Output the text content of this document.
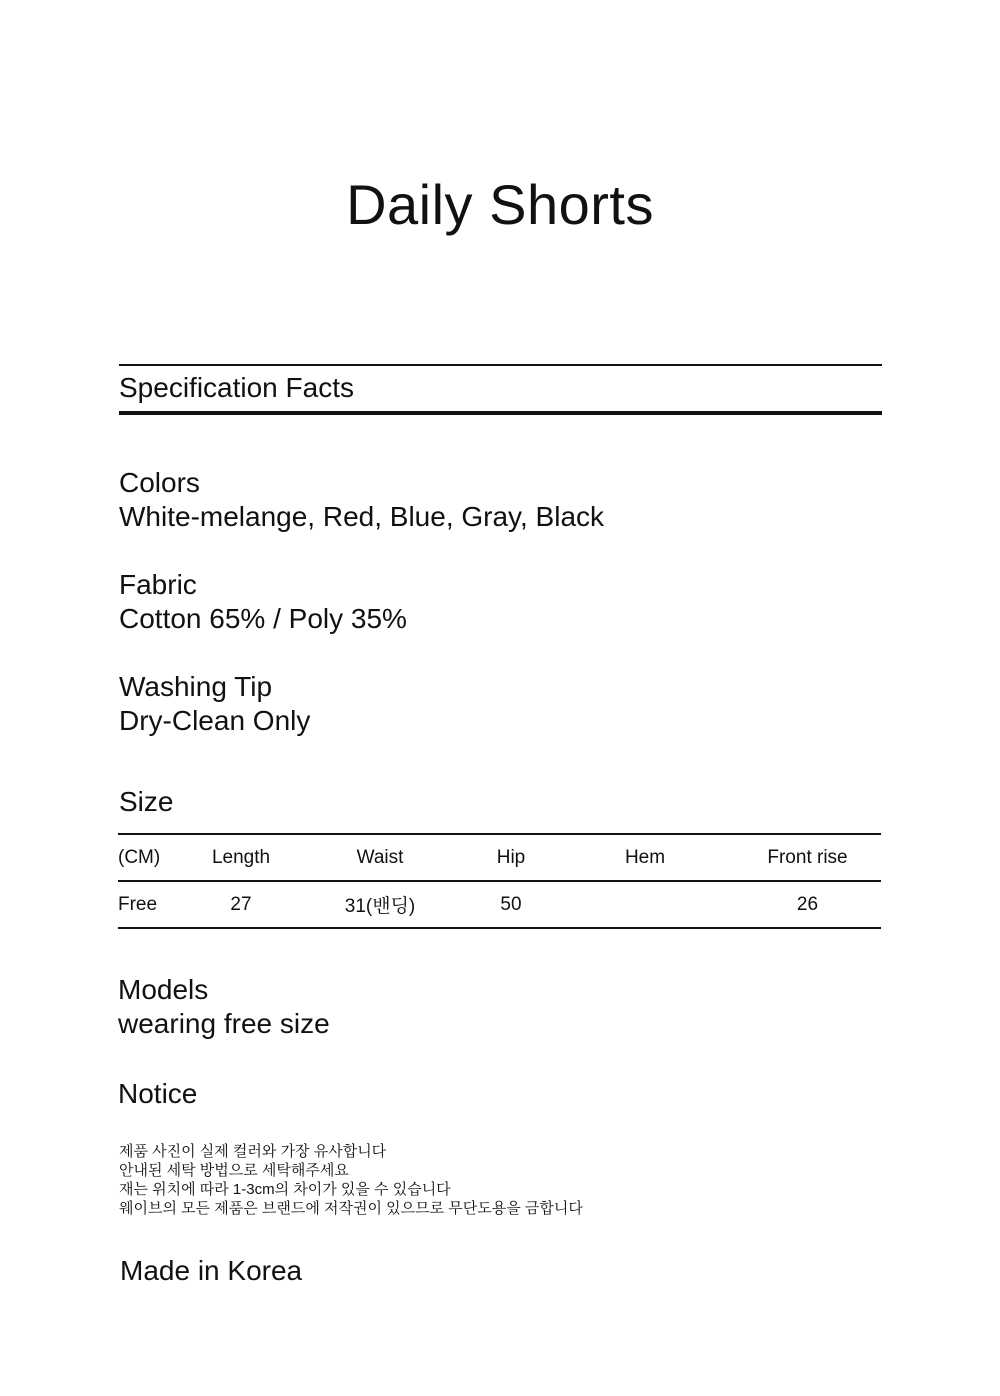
Daily Shorts
Specification Facts
Colors
White-melange, Red, Blue, Gray, Black
Fabric
Cotton 65% / Poly 35%
Washing Tip
Dry-Clean Only
Size
(CM)	Length	Waist	Hip	Hem	Front rise
Free	27	31(밴딩)	50		26
Models
wearing free size
Notice
제품 사진이 실제 컬러와 가장 유사합니다
안내된 세탁 방법으로 세탁해주세요
재는 위치에 따라 1-3cm의 차이가 있을 수 있습니다
웨이브의 모든 제품은 브랜드에 저작권이 있으므로 무단도용을 금합니다
Made in Korea
